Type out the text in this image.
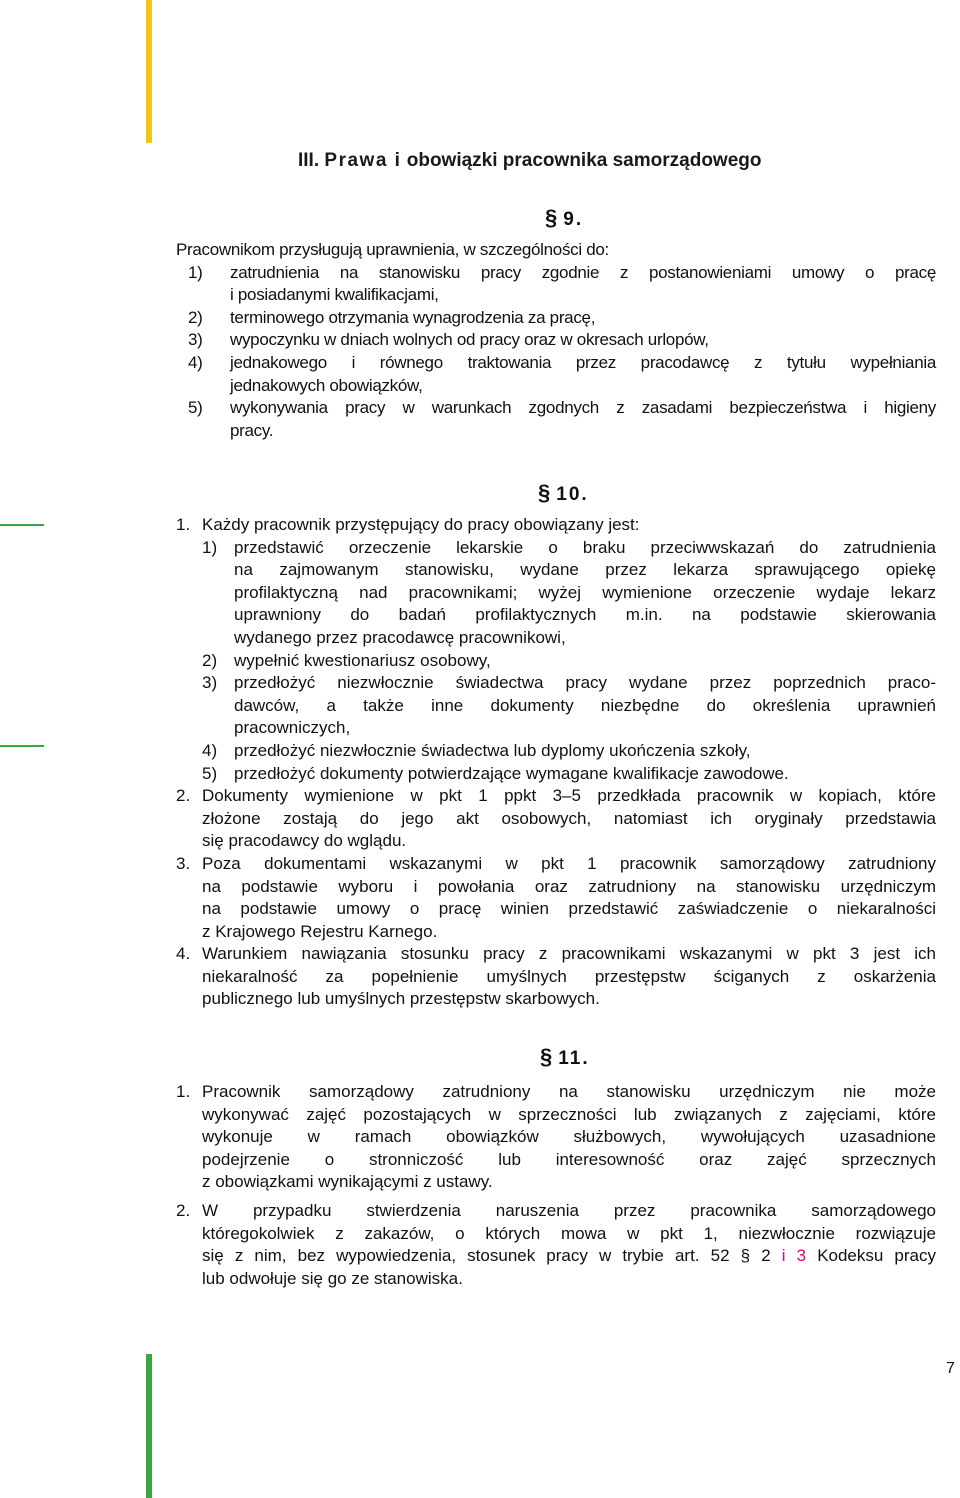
III. Prawa i obowiązki pracownika samorządowego
§ 9.
Pracownikom przysługują uprawnienia, w szczególności do:
1) zatrudnienia na stanowisku pracy zgodnie z postanowieniami umowy o pracę
i posiadanymi kwalifikacjami,
2) terminowego otrzymania wynagrodzenia za pracę,
3) wypoczynku w dniach wolnych od pracy oraz w okresach urlopów,
4) jednakowego i równego traktowania przez pracodawcę z tytułu wypełniania
jednakowych obowiązków,
5) wykonywania pracy w warunkach zgodnych z zasadami bezpieczeństwa i higieny
pracy.
§ 10.
1. Każdy pracownik przystępujący do pracy obowiązany jest:
1) przedstawić orzeczenie lekarskie o braku przeciwwskazań do zatrudnienia
na zajmowanym stanowisku, wydane przez lekarza sprawującego opiekę
profilaktyczną nad pracownikami; wyżej wymienione orzeczenie wydaje lekarz
uprawniony do badań profilaktycznych m.in. na podstawie skierowania
wydanego przez pracodawcę pracownikowi,
2) wypełnić kwestionariusz osobowy,
3) przedłożyć niezwłocznie świadectwa pracy wydane przez poprzednich praco-
dawców, a także inne dokumenty niezbędne do określenia uprawnień
pracowniczych,
4) przedłożyć niezwłocznie świadectwa lub dyplomy ukończenia szkoły,
5) przedłożyć dokumenty potwierdzające wymagane kwalifikacje zawodowe.
2. Dokumenty wymienione w pkt 1 ppkt 3–5 przedkłada pracownik w kopiach, które
złożone zostają do jego akt osobowych, natomiast ich oryginały przedstawia
się pracodawcy do wglądu.
3. Poza dokumentami wskazanymi w pkt 1 pracownik samorządowy zatrudniony
na podstawie wyboru i powołania oraz zatrudniony na stanowisku urzędniczym
na podstawie umowy o pracę winien przedstawić zaświadczenie o niekaralności
z Krajowego Rejestru Karnego.
4. Warunkiem nawiązania stosunku pracy z pracownikami wskazanymi w pkt 3 jest ich
niekaralność za popełnienie umyślnych przestępstw ściganych z oskarżenia
publicznego lub umyślnych przestępstw skarbowych.
§ 11.
1. Pracownik samorządowy zatrudniony na stanowisku urzędniczym nie może
wykonywać zajęć pozostających w sprzeczności lub związanych z zajęciami, które
wykonuje w ramach obowiązków służbowych, wywołujących uzasadnione
podejrzenie o stronniczość lub interesowność oraz zajęć sprzecznych
z obowiązkami wynikającymi z ustawy.
2. W przypadku stwierdzenia naruszenia przez pracownika samorządowego
któregokolwiek z zakazów, o których mowa w pkt 1, niezwłocznie rozwiązuje
się z nim, bez wypowiedzenia, stosunek pracy w trybie art. 52 § 2 i 3 Kodeksu pracy
lub odwołuje się go ze stanowiska.
7
